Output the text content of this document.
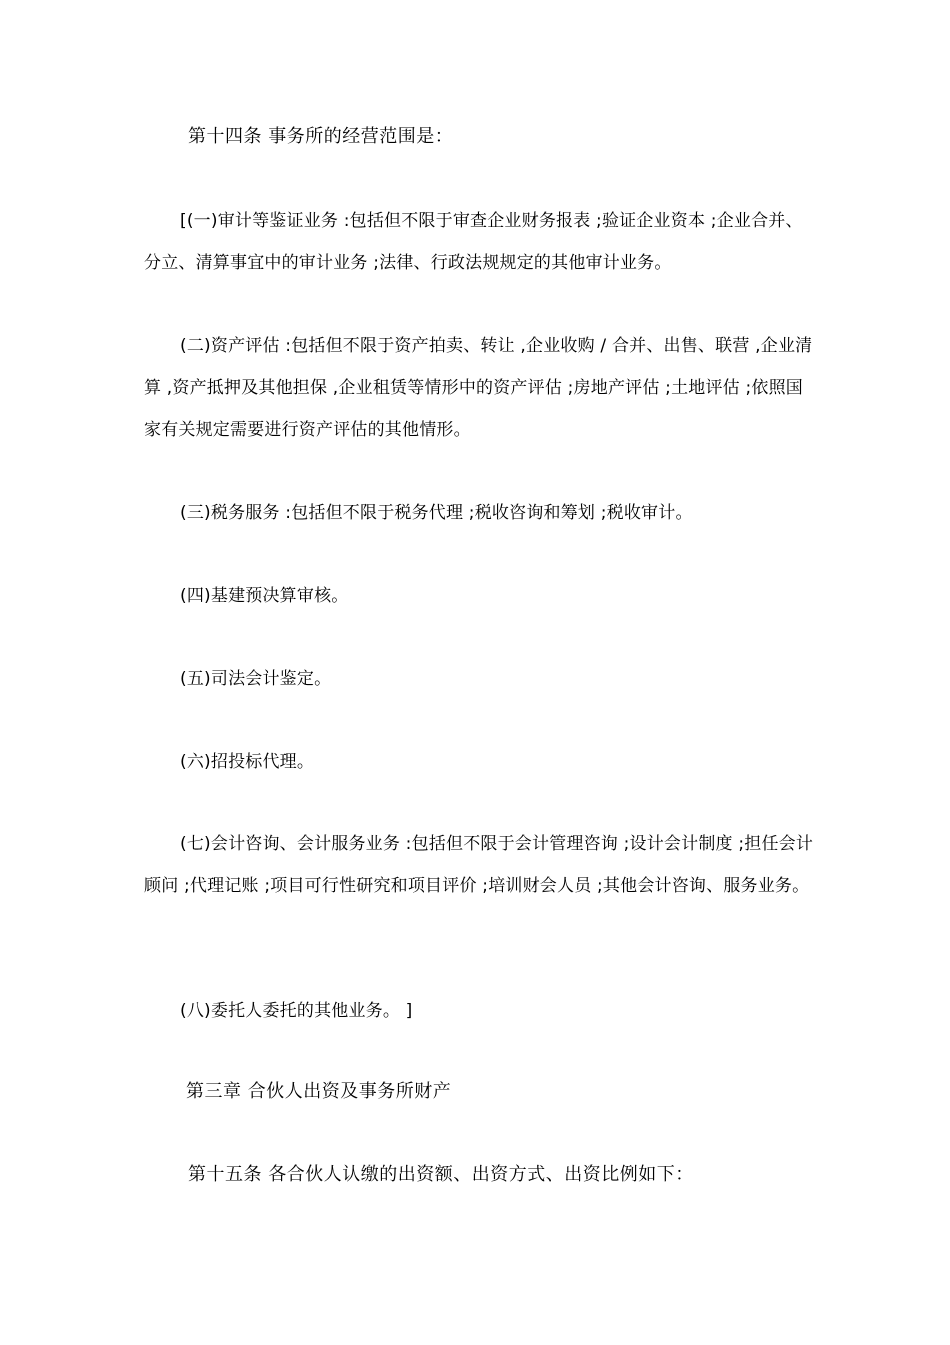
第十四条 事务所的经营范围是：
[(一)审计等鉴证业务 :包括但不限于审查企业财务报表 ;验证企业资本 ;企业合并、分立、清算事宜中的审计业务 ;法律、行政法规规定的其他审计业务。
(二)资产评估 :包括但不限于资产拍卖、转让 ,企业收购 / 合并、出售、联营 ,企业清算 ,资产抵押及其他担保 ,企业租赁等情形中的资产评估 ;房地产评估 ;土地评估 ;依照国家有关规定需要进行资产评估的其他情形。
(三)税务服务 :包括但不限于税务代理 ;税收咨询和筹划 ;税收审计。
(四)基建预决算审核。
(五)司法会计鉴定。
(六)招投标代理。
(七)会计咨询、会计服务业务 :包括但不限于会计管理咨询 ;设计会计制度 ;担任会计顾问 ;代理记账 ;项目可行性研究和项目评价 ;培训财会人员 ;其他会计咨询、服务业务。
(八)委托人委托的其他业务。 ]
第三章 合伙人出资及事务所财产
第十五条 各合伙人认缴的出资额、出资方式、出资比例如下：
